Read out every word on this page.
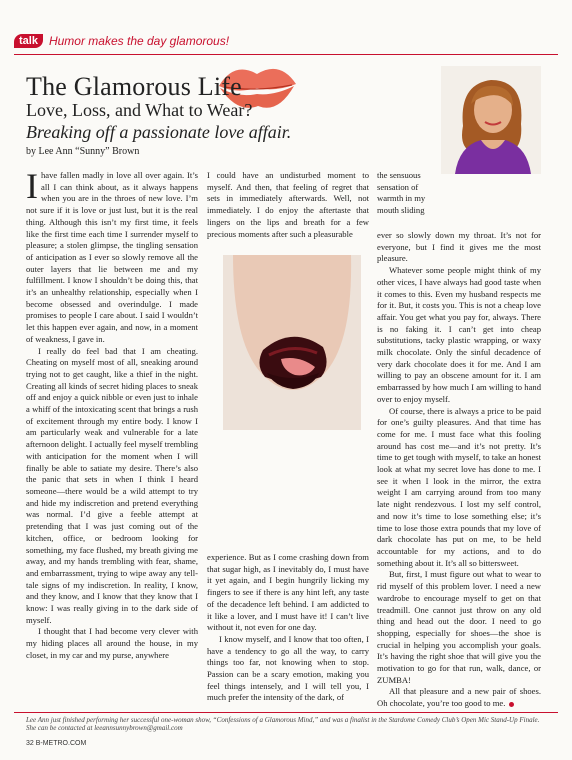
talk Humor makes the day glamorous!
The Glamorous Life
Love, Loss, and What to Wear?
Breaking off a passionate love affair.
by Lee Ann “Sunny” Brown

Ihave fallen madly in love all over again. It’s all I can think about, as it always happens when you are in the throes of new love. I’m not sure if it is love or just lust, but it is the real thing. Although this isn’t my first time, it feels like the first time each time I surrender myself to pleasure; a stolen glimpse, the tingling sensation of anticipation as I ever so slowly remove all the outer layers that lie between me and my fulfillment. I know I shouldn’t be doing this, that it’s an unhealthy relationship, especially when I become obsessed and overindulge. I made promises to people I care about. I said I wouldn’t let this happen ever again, and now, in a moment of weakness, I gave in.

I really do feel bad that I am cheating. Cheating on myself most of all, sneaking around trying not to get caught, like a thief in the night. Creating all kinds of secret hiding places to sneak off and enjoy a quick nibble or even just to inhale a whiff of the intoxicating scent that brings a rush of excitement through my entire body. I know I am particularly weak and vulnerable for a late afternoon delight. I actually feel myself trembling with anticipation for the moment when I will finally be able to satiate my desire. There’s also the panic that sets in when I think I heard someone—there would be a wild attempt to try and hide my indiscretion and pretend everything was normal. I’d give a feeble attempt at pretending that I was just coming out of the kitchen, office, or bedroom looking for something, my face flushed, my breath giving me away, and my hands trembling with fear, shame, and embarrassment, trying to wipe away any tell-tale signs of my indiscretion. In reality, I know, and they know, and I know that they know that I know: I was really giving in to the dark side of myself.

I thought that I had become very clever with my hiding places all around the house, in my closet, in my car and my purse, anywhere

I could have an undisturbed moment to myself. And then, that feeling of regret that sets in immediately afterwards. Well, not immediately. I do enjoy the aftertaste that lingers on the lips and breath for a few precious moments after such a pleasurable

experience. But as I come crashing down from that sugar high, as I inevitably do, I must have it yet again, and I begin hungrily licking my fingers to see if there is any hint left, any taste of the decadence left behind. I am addicted to it like a lover, and I must have it! I can’t live without it, not even for one day.

I know myself, and I know that too often, I have a tendency to go all the way, to carry things too far, not knowing when to stop. Passion can be a scary emotion, making you feel things intensely, and I will tell you, I much prefer the intensity of the dark, of

the sensuous sensation of warmth in my mouth sliding

ever so slowly down my throat. It’s not for everyone, but I find it gives me the most pleasure.

Whatever some people might think of my other vices, I have always had good taste when it comes to this. Even my husband respects me for it. But, it costs you. This is not a cheap love affair. You get what you pay for, always. There is no faking it. I can’t get into cheap substitutions, tacky plastic wrapping, or waxy milk chocolate. Only the sinful decadence of very dark chocolate does it for me. And I am willing to pay an obscene amount for it. I am embarrassed by how much I am willing to hand over to enjoy myself.

Of course, there is always a price to be paid for one’s guilty pleasures. And that time has come for me. I must face what this fooling around has cost me—and it’s not pretty. It’s time to get tough with myself, to take an honest look at what my secret love has done to me. I see it when I look in the mirror, the extra weight I am carrying around from too many late night rendezvous. I lost my self control, and now it’s time to lose something else; it’s time to lose those extra pounds that my love of dark chocolate has put on me, to be held accountable for my actions, and to do something about it. It’s all so bittersweet.

But, first, I must figure out what to wear to rid myself of this problem lover. I need a new wardrobe to encourage myself to get on that treadmill. One cannot just throw on any old thing and head out the door. I need to go shopping, especially for shoes—the shoe is crucial in helping you accomplish your goals. It’s having the right shoe that will give you the motivation to go for that run, walk, dance, or ZUMBA!

All that pleasure and a new pair of shoes. Oh chocolate, you’re too good to me.

Lee Ann just finished performing her successful one-woman show, “Confessions of a Glamorous Mind,” and was a finalist in the Stardome Comedy Club’s Open Mic Stand-Up Finale. She can be contacted at leeannsunnybrown@gmail.com
32 B-METRO.COM
